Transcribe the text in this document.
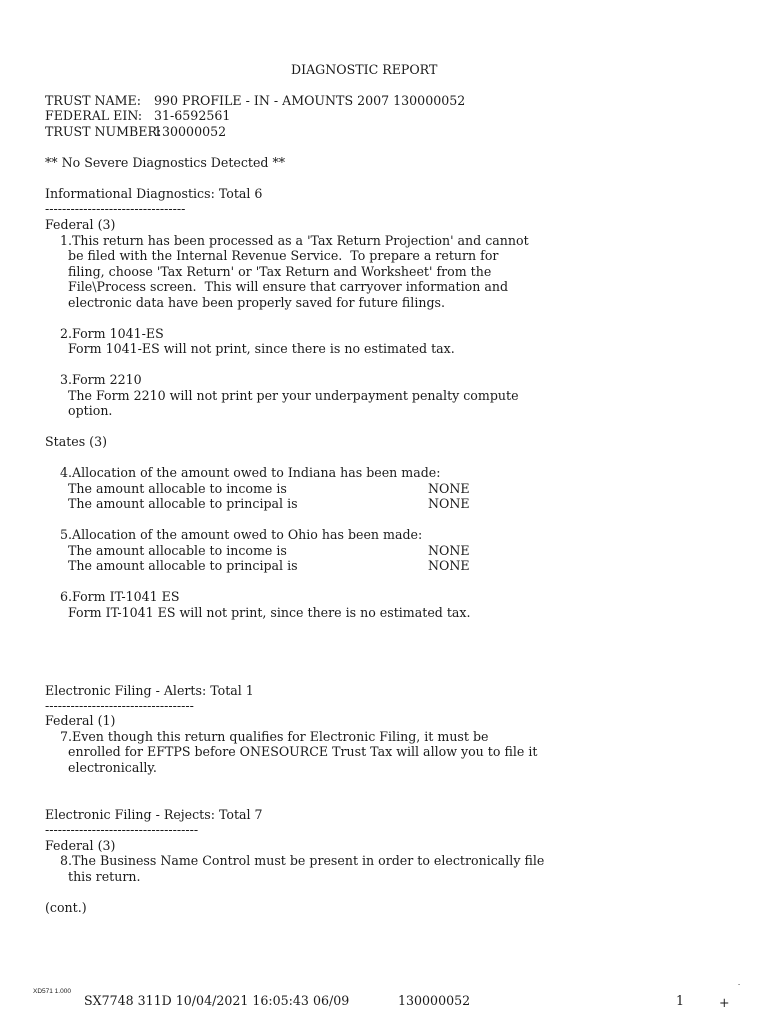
DIAGNOSTIC REPORT
TRUST NAME: 990 PROFILE - IN - AMOUNTS 2007 130000052
FEDERAL EIN: 31-6592561
TRUST NUMBER:
130000052
** No Severe Diagnostics Detected **
Informational Diagnostics: Total 6
---------------------------------
Federal (3)
1.This return has been processed as a 'Tax Return Projection' and cannot
be filed with the Internal Revenue Service.  To prepare a return for
filing, choose 'Tax Return' or 'Tax Return and Worksheet' from the
File\Process screen.  This will ensure that carryover information and
electronic data have been properly saved for future filings.
2.Form 1041-ES
Form 1041-ES will not print, since there is no estimated tax.
3.Form 2210
The Form 2210 will not print per your underpayment penalty compute
option.
States (3)
4.Allocation of the amount owed to Indiana has been made:
The amount allocable to income is	NONE
The amount allocable to principal is	NONE
5.Allocation of the amount owed to Ohio has been made:
The amount allocable to income is	NONE
The amount allocable to principal is	NONE
6.Form IT-1041 ES
Form IT-1041 ES will not print, since there is no estimated tax.
Electronic Filing - Alerts: Total 1
-----------------------------------
Federal (1)
7.Even though this return qualifies for Electronic Filing, it must be
enrolled for EFTPS before ONESOURCE Trust Tax will allow you to file it
electronically.
Electronic Filing - Rejects: Total 7
------------------------------------
Federal (3)
8.The Business Name Control must be present in order to electronically file
this return.
(cont.)
XD571 1.000
SX7748 311D 10/04/2021 16:05:43 06/09	130000052	1	+
-
